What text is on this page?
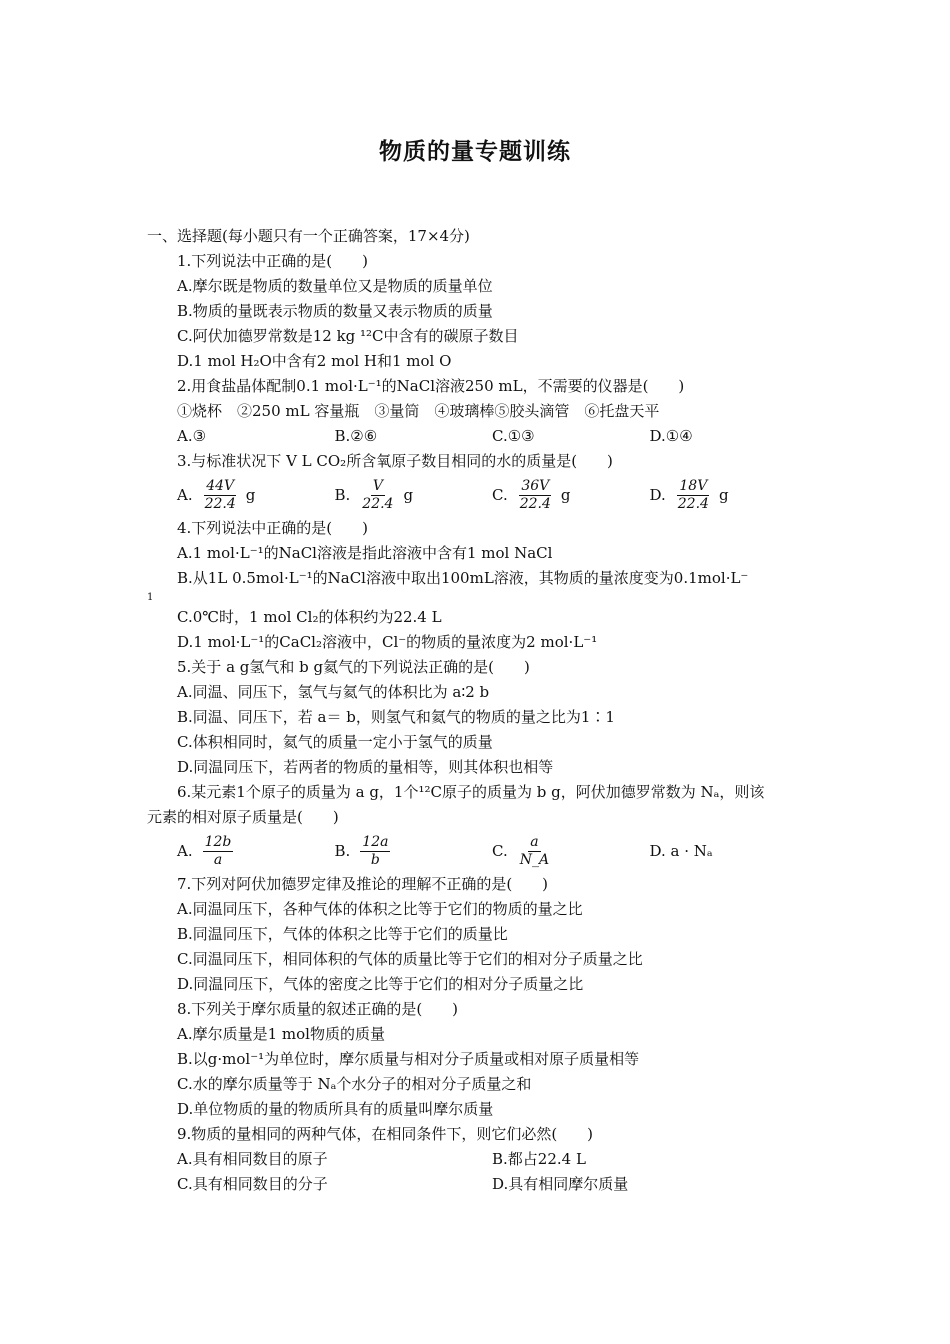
物质的量专题训练
一、选择题(每小题只有一个正确答案，17×4分)
1.下列说法中正确的是(　　)
A.摩尔既是物质的数量单位又是物质的质量单位
B.物质的量既表示物质的数量又表示物质的质量
C.阿伏加德罗常数是12 kg ¹²C中含有的碳原子数目
D.1 mol H₂O中含有2 mol H和1 mol O
2.用食盐晶体配制0.1 mol·L⁻¹的NaCl溶液250 mL，不需要的仪器是(　　)
①烧杯　②250 mL 容量瓶　③量筒　④玻璃棒⑤胶头滴管　⑥托盘天平
A.③	B.②⑥	C.①③	D.①④
3.与标准状况下 V L CO₂所含氧原子数目相同的水的质量是(　　)
A. $\frac{44V}{22.4}$ g	B. $\frac{V}{22.4}$ g	C. $\frac{36V}{22.4}$ g	D. $\frac{18V}{22.4}$ g
4.下列说法中正确的是(　　)
A.1 mol·L⁻¹的NaCl溶液是指此溶液中含有1 mol NaCl
B.从1L 0.5mol·L⁻¹的NaCl溶液中取出100mL溶液，其物质的量浓度变为0.1mol·L⁻
1
C.0℃时，1 mol Cl₂的体积约为22.4 L
D.1 mol·L⁻¹的CaCl₂溶液中，Cl⁻的物质的量浓度为2 mol·L⁻¹
5.关于 a g氢气和 b g氦气的下列说法正确的是(　　)
A.同温、同压下，氢气与氦气的体积比为 a∶2 b
B.同温、同压下，若 a＝ b，则氢气和氦气的物质的量之比为1∶1
C.体积相同时，氦气的质量一定小于氢气的质量
D.同温同压下，若两者的物质的量相等，则其体积也相等
6.某元素1个原子的质量为 a g，1个¹²C原子的质量为 b g，阿伏加德罗常数为 Nₐ，则该
元素的相对原子质量是(　　)
A. $\frac{12b}{a}$	B. $\frac{12a}{b}$	C. $\frac{a}{N\_A}$	D. a · Nₐ
7.下列对阿伏加德罗定律及推论的理解不正确的是(　　)
A.同温同压下，各种气体的体积之比等于它们的物质的量之比
B.同温同压下，气体的体积之比等于它们的质量比
C.同温同压下，相同体积的气体的质量比等于它们的相对分子质量之比
D.同温同压下，气体的密度之比等于它们的相对分子质量之比
8.下列关于摩尔质量的叙述正确的是(　　)
A.摩尔质量是1 mol物质的质量
B.以g·mol⁻¹为单位时，摩尔质量与相对分子质量或相对原子质量相等
C.水的摩尔质量等于 Nₐ个水分子的相对分子质量之和
D.单位物质的量的物质所具有的质量叫摩尔质量
9.物质的量相同的两种气体，在相同条件下，则它们必然(　　)
A.具有相同数目的原子	B.都占22.4 L
C.具有相同数目的分子	D.具有相同摩尔质量
